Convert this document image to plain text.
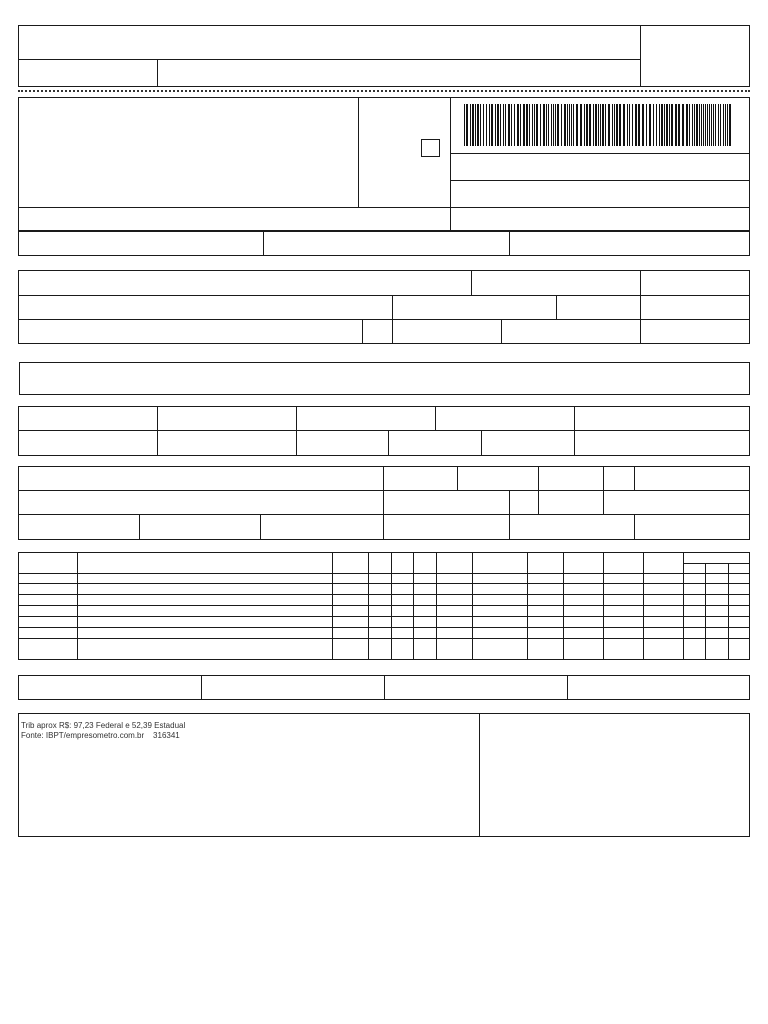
Trib aprox R$: 97,23 Federal e 52,39 Estadual
Fonte: IBPT/empresometro.com.br    316341
